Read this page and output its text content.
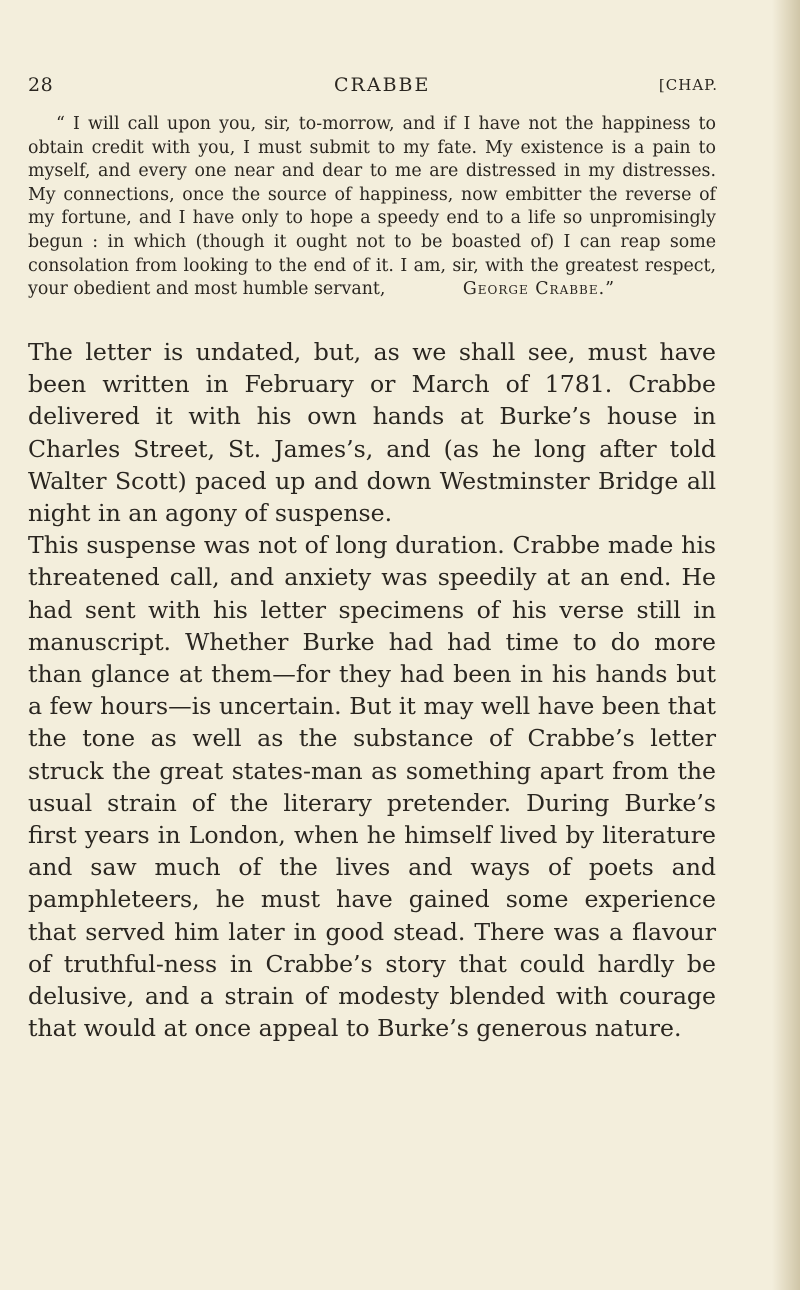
28	CRABBE	[CHAP.

“ I will call upon you, sir, to-morrow, and if I have not the happiness to obtain credit with you, I must submit to my fate. My existence is a pain to myself, and every one near and dear to me are distressed in my distresses. My connections, once the source of happiness, now embitter the reverse of my fortune, and I have only to hope a speedy end to a life so unpromisingly begun : in which (though it ought not to be boasted of) I can reap some consolation from looking to the end of it. I am, sir, with the greatest respect, your obedient and most humble servant,	George Crabbe.”

The letter is undated, but, as we shall see, must have been written in February or March of 1781. Crabbe delivered it with his own hands at Burke’s house in Charles Street, St. James’s, and (as he long after told Walter Scott) paced up and down Westminster Bridge all night in an agony of suspense.

This suspense was not of long duration. Crabbe made his threatened call, and anxiety was speedily at an end. He had sent with his letter specimens of his verse still in manuscript. Whether Burke had had time to do more than glance at them—for they had been in his hands but a few hours—is uncertain. But it may well have been that the tone as well as the substance of Crabbe’s letter struck the great states-man as something apart from the usual strain of the literary pretender. During Burke’s first years in London, when he himself lived by literature and saw much of the lives and ways of poets and pamphleteers, he must have gained some experience that served him later in good stead. There was a flavour of truthful-ness in Crabbe’s story that could hardly be delusive, and a strain of modesty blended with courage that would at once appeal to Burke’s generous nature.
